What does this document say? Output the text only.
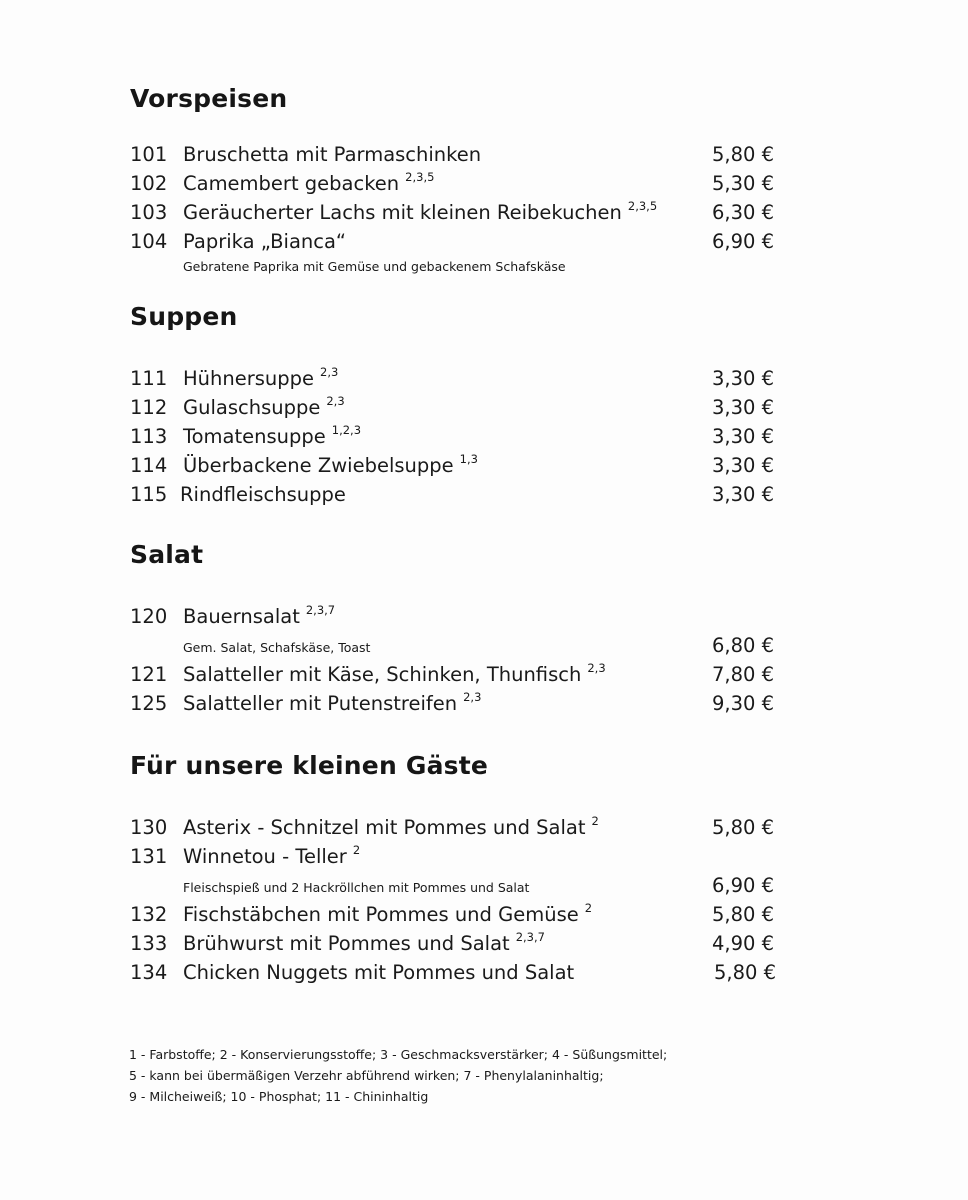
Vorspeisen
101 Bruschetta mit Parmaschinken	5,80 €
102 Camembert gebacken $^{2,3,5}$	5,30 €
103 Geräucherter Lachs mit kleinen Reibekuchen $^{2,3,5}$	6,30 €
104 Paprika „Bianca“	6,90 €
Gebratene Paprika mit Gemüse und gebackenem Schafskäse
Suppen
111 Hühnersuppe $^{2,3}$	3,30 €
112 Gulaschsuppe $^{2,3}$	3,30 €
113 Tomatensuppe $^{1,2,3}$	3,30 €
114 Überbackene Zwiebelsuppe $^{1,3}$	3,30 €
115 Rindfleischsuppe	3,30 €
Salat
120 Bauernsalat $^{2,3,7}$
Gem. Salat, Schafskäse, Toast	6,80 €
121 Salatteller mit Käse, Schinken, Thunfisch $^{2,3}$	7,80 €
125 Salatteller mit Putenstreifen $^{2,3}$	9,30 €
Für unsere kleinen Gäste
130 Asterix - Schnitzel mit Pommes und Salat $^2$	5,80 €
131 Winnetou - Teller $^2$
Fleischspieß und 2 Hackröllchen mit Pommes und Salat	6,90 €
132 Fischstäbchen mit Pommes und Gemüse $^2$	5,80 €
133 Brühwurst mit Pommes und Salat $^{2,3,7}$	4,90 €
134 Chicken Nuggets mit Pommes und Salat	5,80 €
1 - Farbstoffe; 2 - Konservierungsstoffe; 3 - Geschmacksverstärker; 4 - Süßungsmittel;
5 - kann bei übermäßigen Verzehr abführend wirken; 7 - Phenylalaninhaltig;
9 - Milcheiweiß; 10 - Phosphat; 11 - Chininhaltig
